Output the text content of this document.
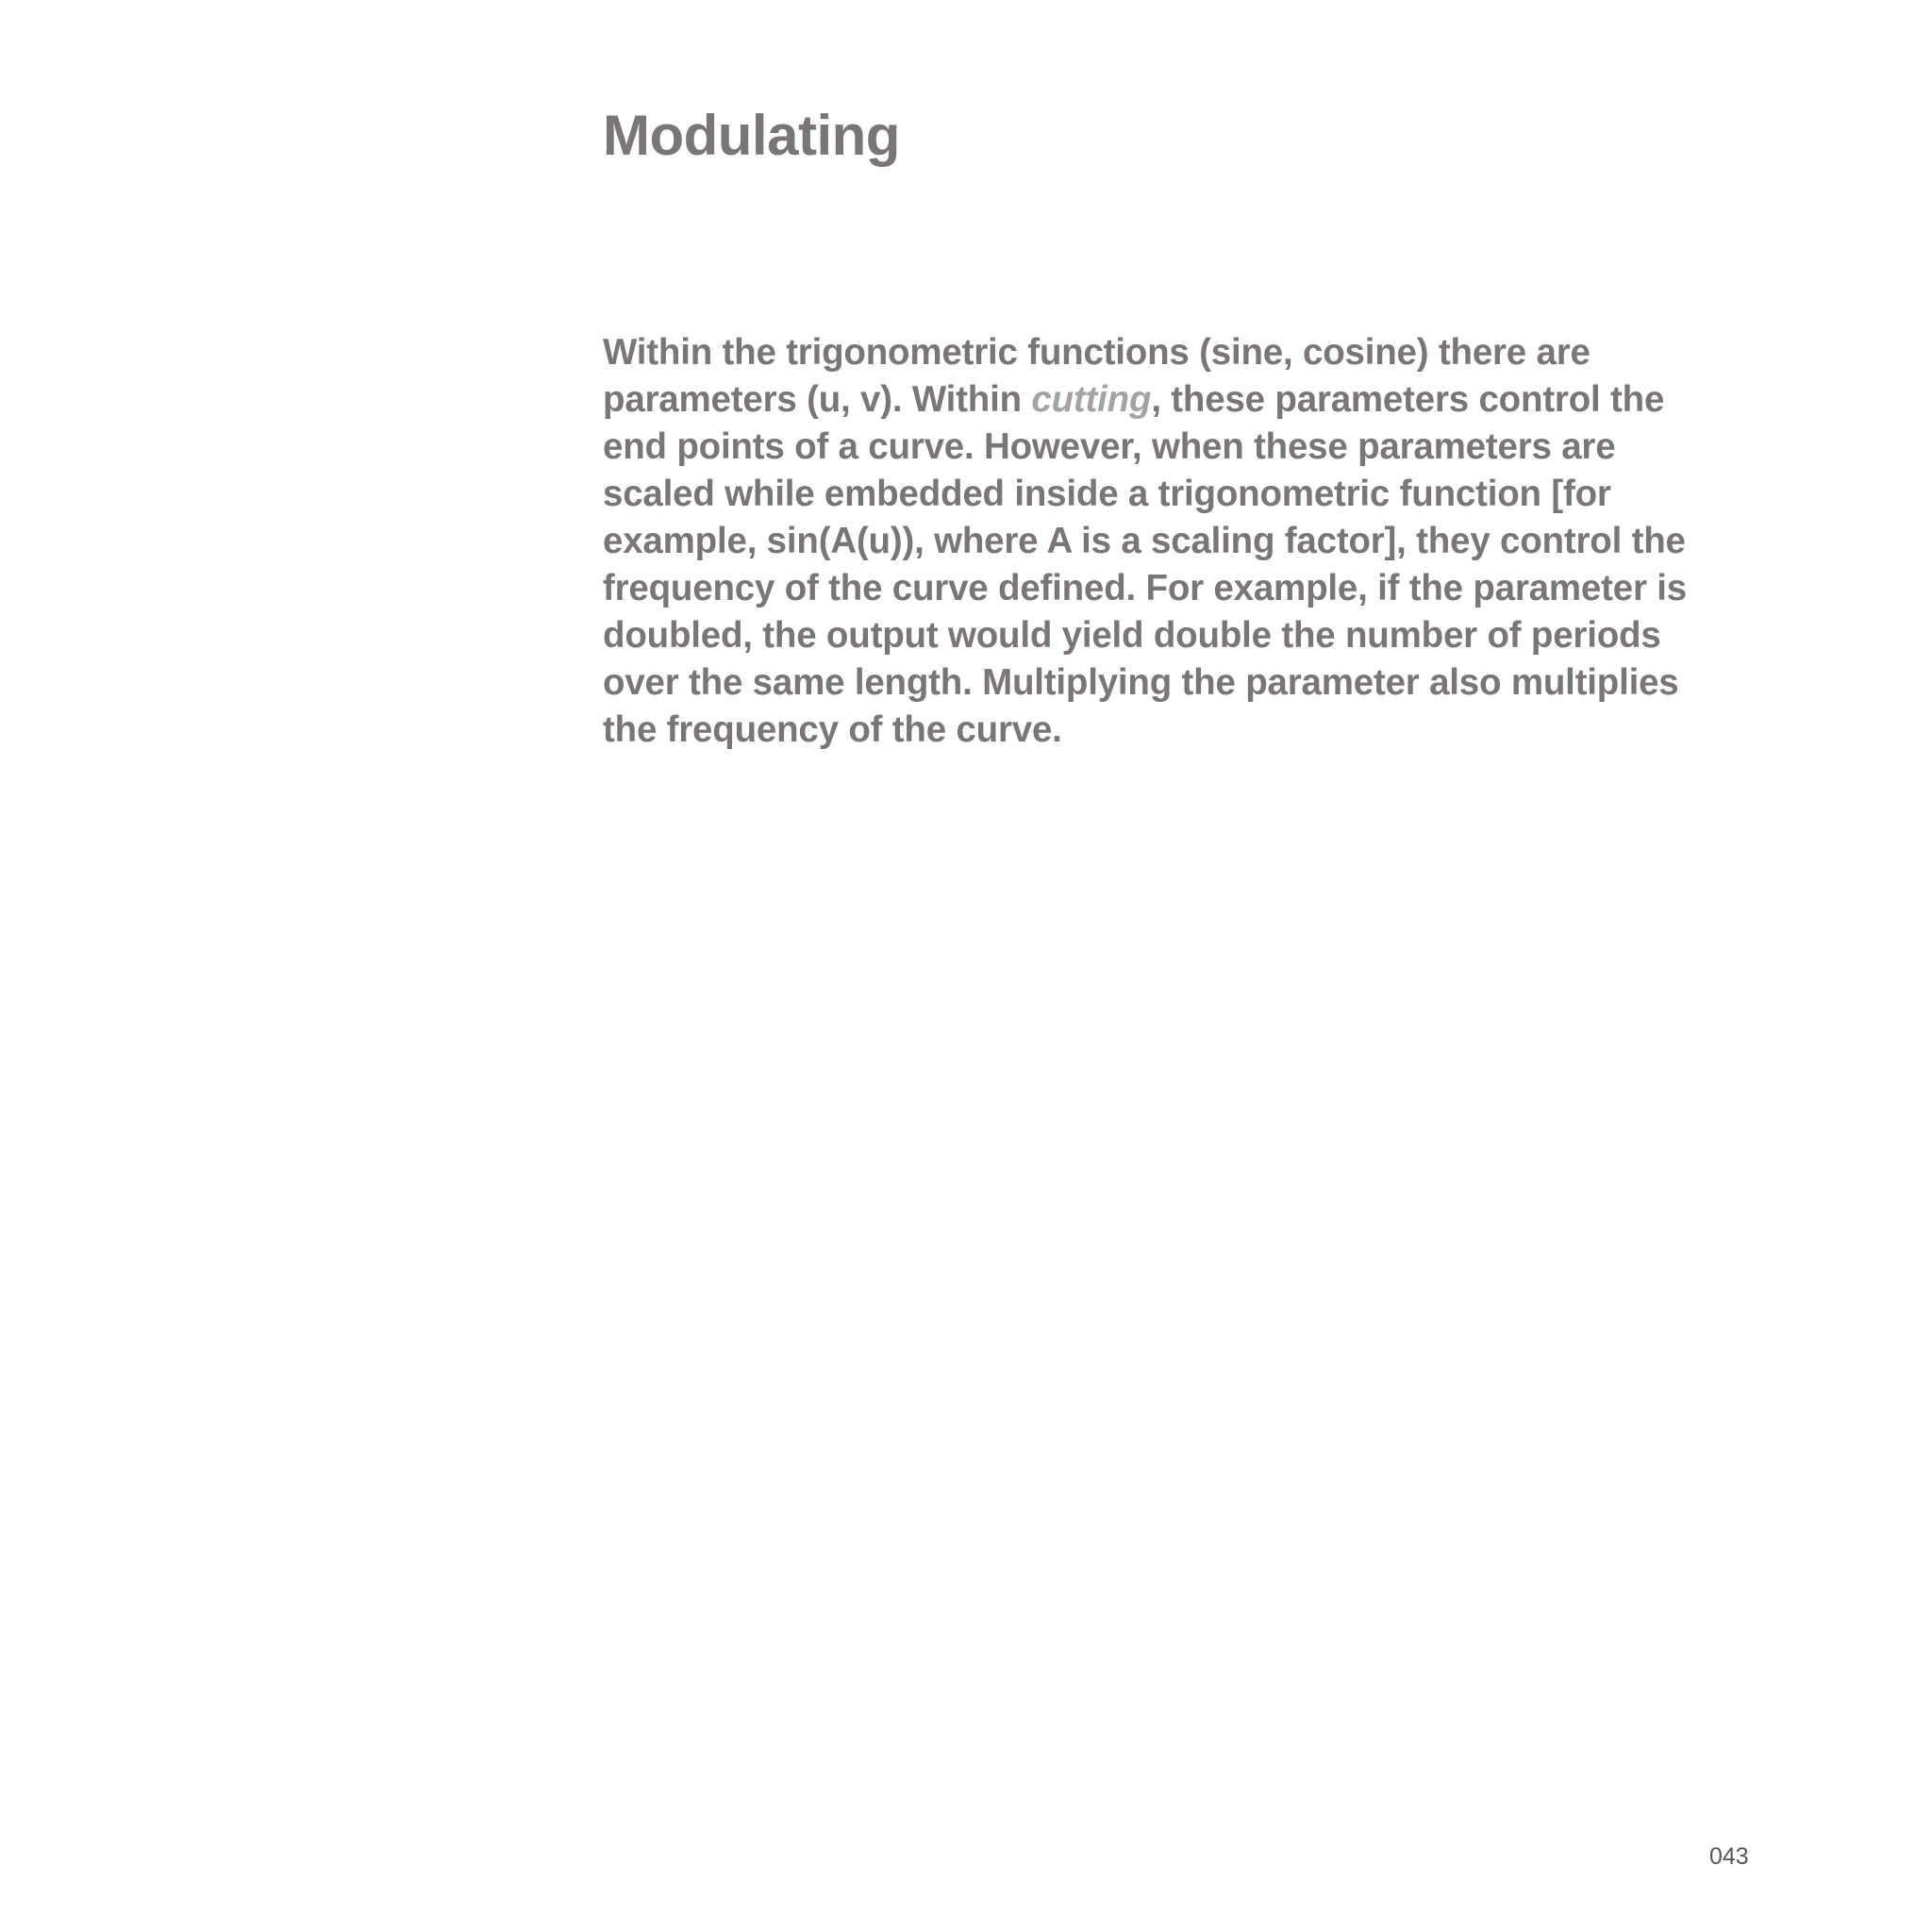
Modulating

Within the trigonometric functions (sine, cosine) there are
parameters (u, v). Within cutting, these parameters control the
end points of a curve. However, when these parameters are
scaled while embedded inside a trigonometric function [for
example, sin(A(u)), where A is a scaling factor], they control the
frequency of the curve defined. For example, if the parameter is
doubled, the output would yield double the number of periods
over the same length. Multiplying the parameter also multiplies
the frequency of the curve.

043
